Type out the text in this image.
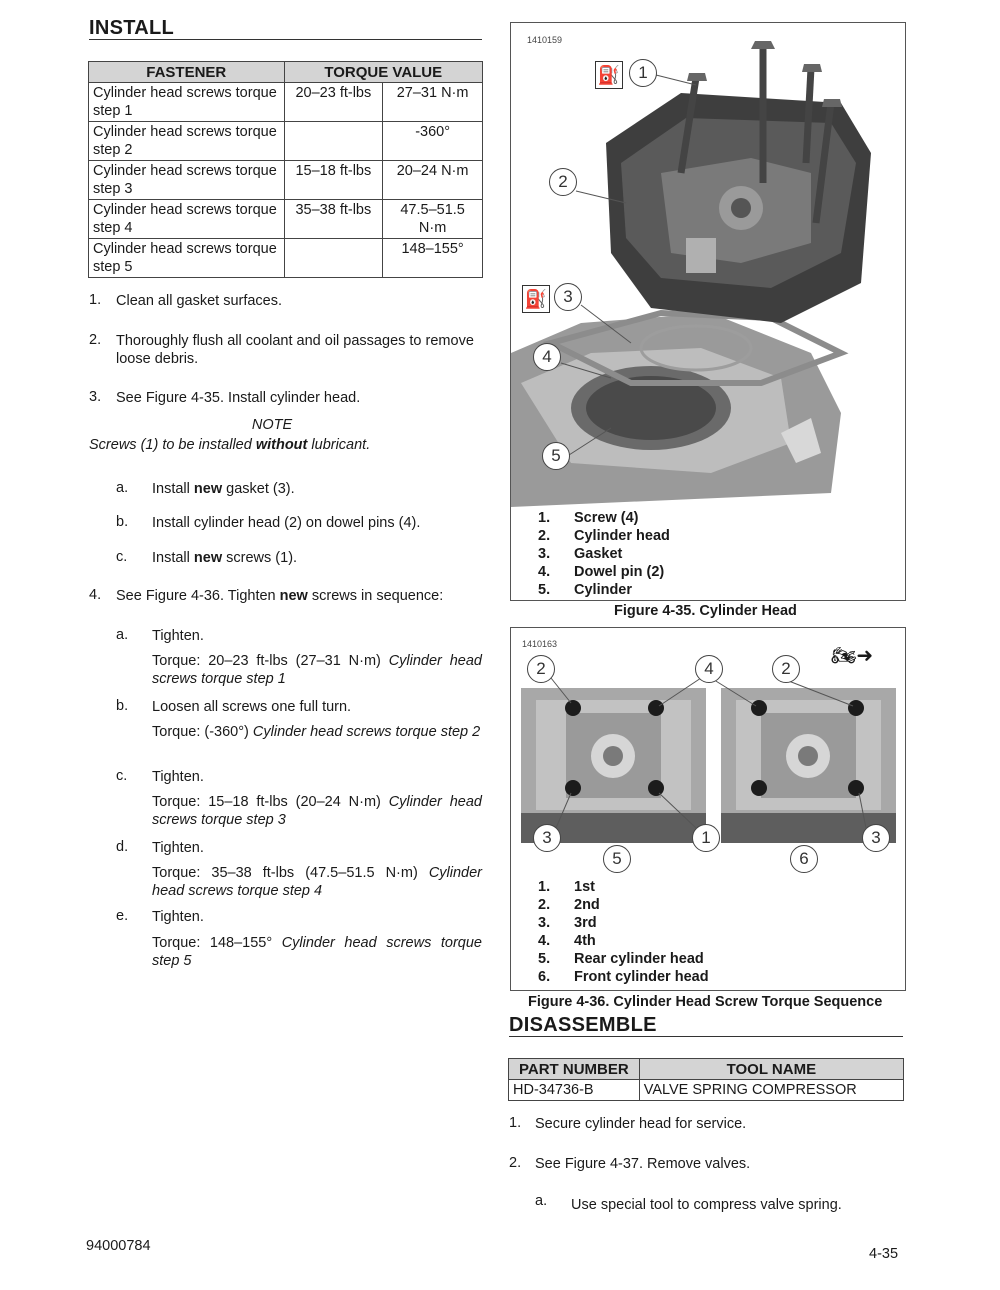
INSTALL
FASTENER	TORQUE VALUE	
Cylinder head screws torque step 1	20–23 ft-lbs	27–31 N·m
Cylinder head screws torque step 2		-360°
Cylinder head screws torque step 3	15–18 ft-lbs	20–24 N·m
Cylinder head screws torque step 4	35–38 ft-lbs	47.5–51.5 N·m
Cylinder head screws torque step 5		148–155°
1. Clean all gasket surfaces.
2. Thoroughly flush all coolant and oil passages to remove loose debris.
3. See Figure 4-35. Install cylinder head.
NOTE
Screws (1) to be installed without lubricant.
a. Install new gasket (3).
b. Install cylinder head (2) on dowel pins (4).
c. Install new screws (1).
4. See Figure 4-36. Tighten new screws in sequence:
a. Tighten.
Torque: 20–23 ft-lbs (27–31 N·m) Cylinder head screws torque step 1
b. Loosen all screws one full turn.
Torque: (-360°) Cylinder head screws torque step 2
c. Tighten.
Torque: 15–18 ft-lbs (20–24 N·m) Cylinder head screws torque step 3
d. Tighten.
Torque: 35–38 ft-lbs (47.5–51.5 N·m) Cylinder head screws torque step 4
e. Tighten.
Torque: 148–155° Cylinder head screws torque step 5
1410159
⛽
⛽
1
2
3
4
5
1. Screw (4)
2. Cylinder head
3. Gasket
4. Dowel pin (2)
5. Cylinder
Figure 4-35. Cylinder Head
1410163
🏍➜
2	4	2
3	1	3
5	6
1. 1st
2. 2nd
3. 3rd
4. 4th
5. Rear cylinder head
6. Front cylinder head
Figure 4-36. Cylinder Head Screw Torque Sequence
DISASSEMBLE
PART NUMBER	TOOL NAME
HD-34736-B	VALVE SPRING COMPRESSOR
1. Secure cylinder head for service.
2. See Figure 4-37. Remove valves.
a. Use special tool to compress valve spring.
94000784	4-35
